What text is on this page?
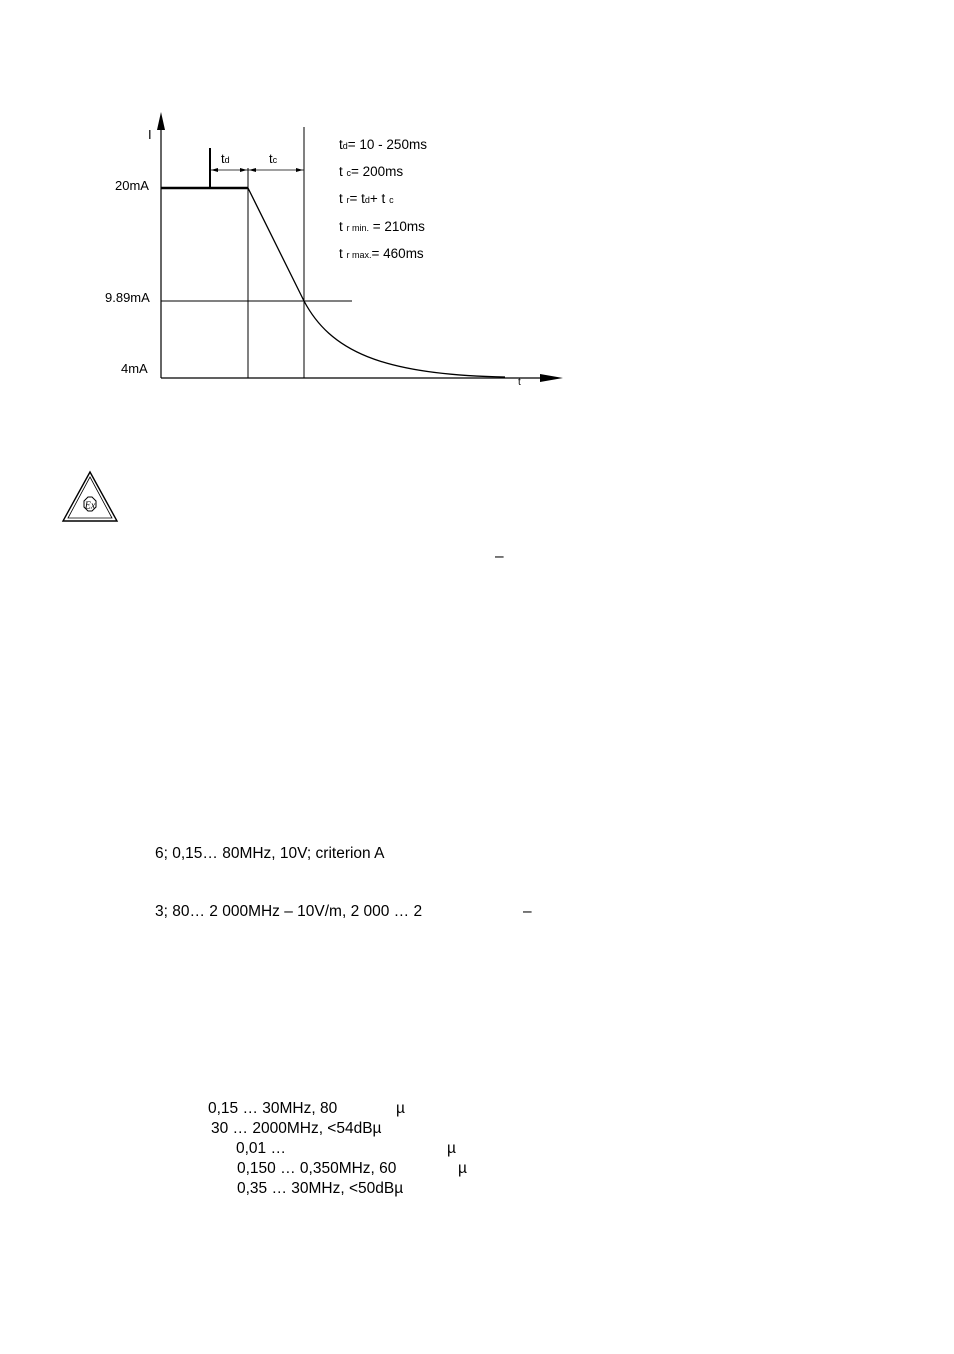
I
t
20mA
9.89mA
4mA
td	tc
td= 10 - 250ms
t c= 200ms
t r= td+ t c
t r min. = 210ms
t r max.= 460ms
Ex
–
6; 0,15… 80MHz, 10V; criterion A
3; 80… 2 000MHz – 10V/m, 2 000 … 2	–
0,15 … 30MHz, 80	µ
30 … 2000MHz, <54dBµ
0,01 …	µ
0,150 … 0,350MHz, 60	µ
0,35 … 30MHz, <50dBµ
